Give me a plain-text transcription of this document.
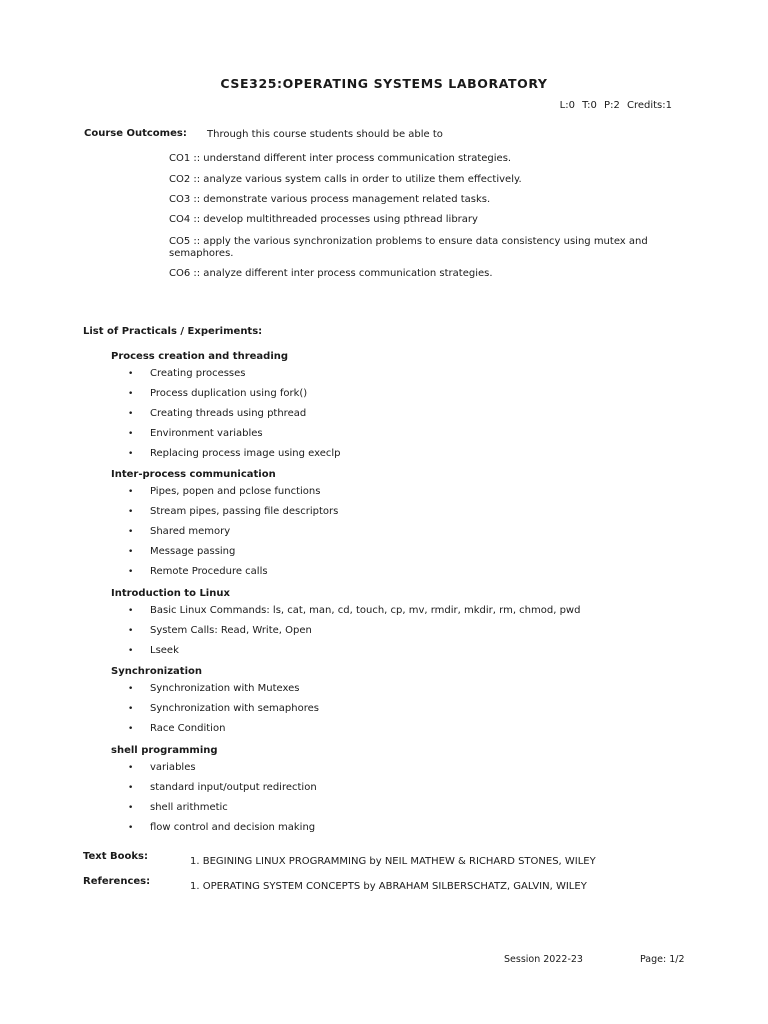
CSE325:OPERATING SYSTEMS LABORATORY
L:0 T:0 P:2 Credits:1
Course Outcomes: Through this course students should be able to
CO1 :: understand different inter process communication strategies.
CO2 :: analyze various system calls in order to utilize them effectively.
CO3 :: demonstrate various process management related tasks.
CO4 :: develop multithreaded processes using pthread library
CO5 :: apply the various synchronization problems to ensure data consistency using mutex and semaphores.
CO6 :: analyze different inter process communication strategies.
List of Practicals / Experiments:
Process creation and threading
• Creating processes
• Process duplication using fork()
• Creating threads using pthread
• Environment variables
• Replacing process image using execlp
Inter-process communication
• Pipes, popen and pclose functions
• Stream pipes, passing file descriptors
• Shared memory
• Message passing
• Remote Procedure calls
Introduction to Linux
• Basic Linux Commands: ls, cat, man, cd, touch, cp, mv, rmdir, mkdir, rm, chmod, pwd
• System Calls: Read, Write, Open
• Lseek
Synchronization
• Synchronization with Mutexes
• Synchronization with semaphores
• Race Condition
shell programming
• variables
• standard input/output redirection
• shell arithmetic
• flow control and decision making
Text Books:	1. BEGINING LINUX PROGRAMMING by NEIL MATHEW & RICHARD STONES, WILEY
References:	1. OPERATING SYSTEM CONCEPTS by ABRAHAM SILBERSCHATZ, GALVIN, WILEY
Session 2022-23	Page: 1/2
